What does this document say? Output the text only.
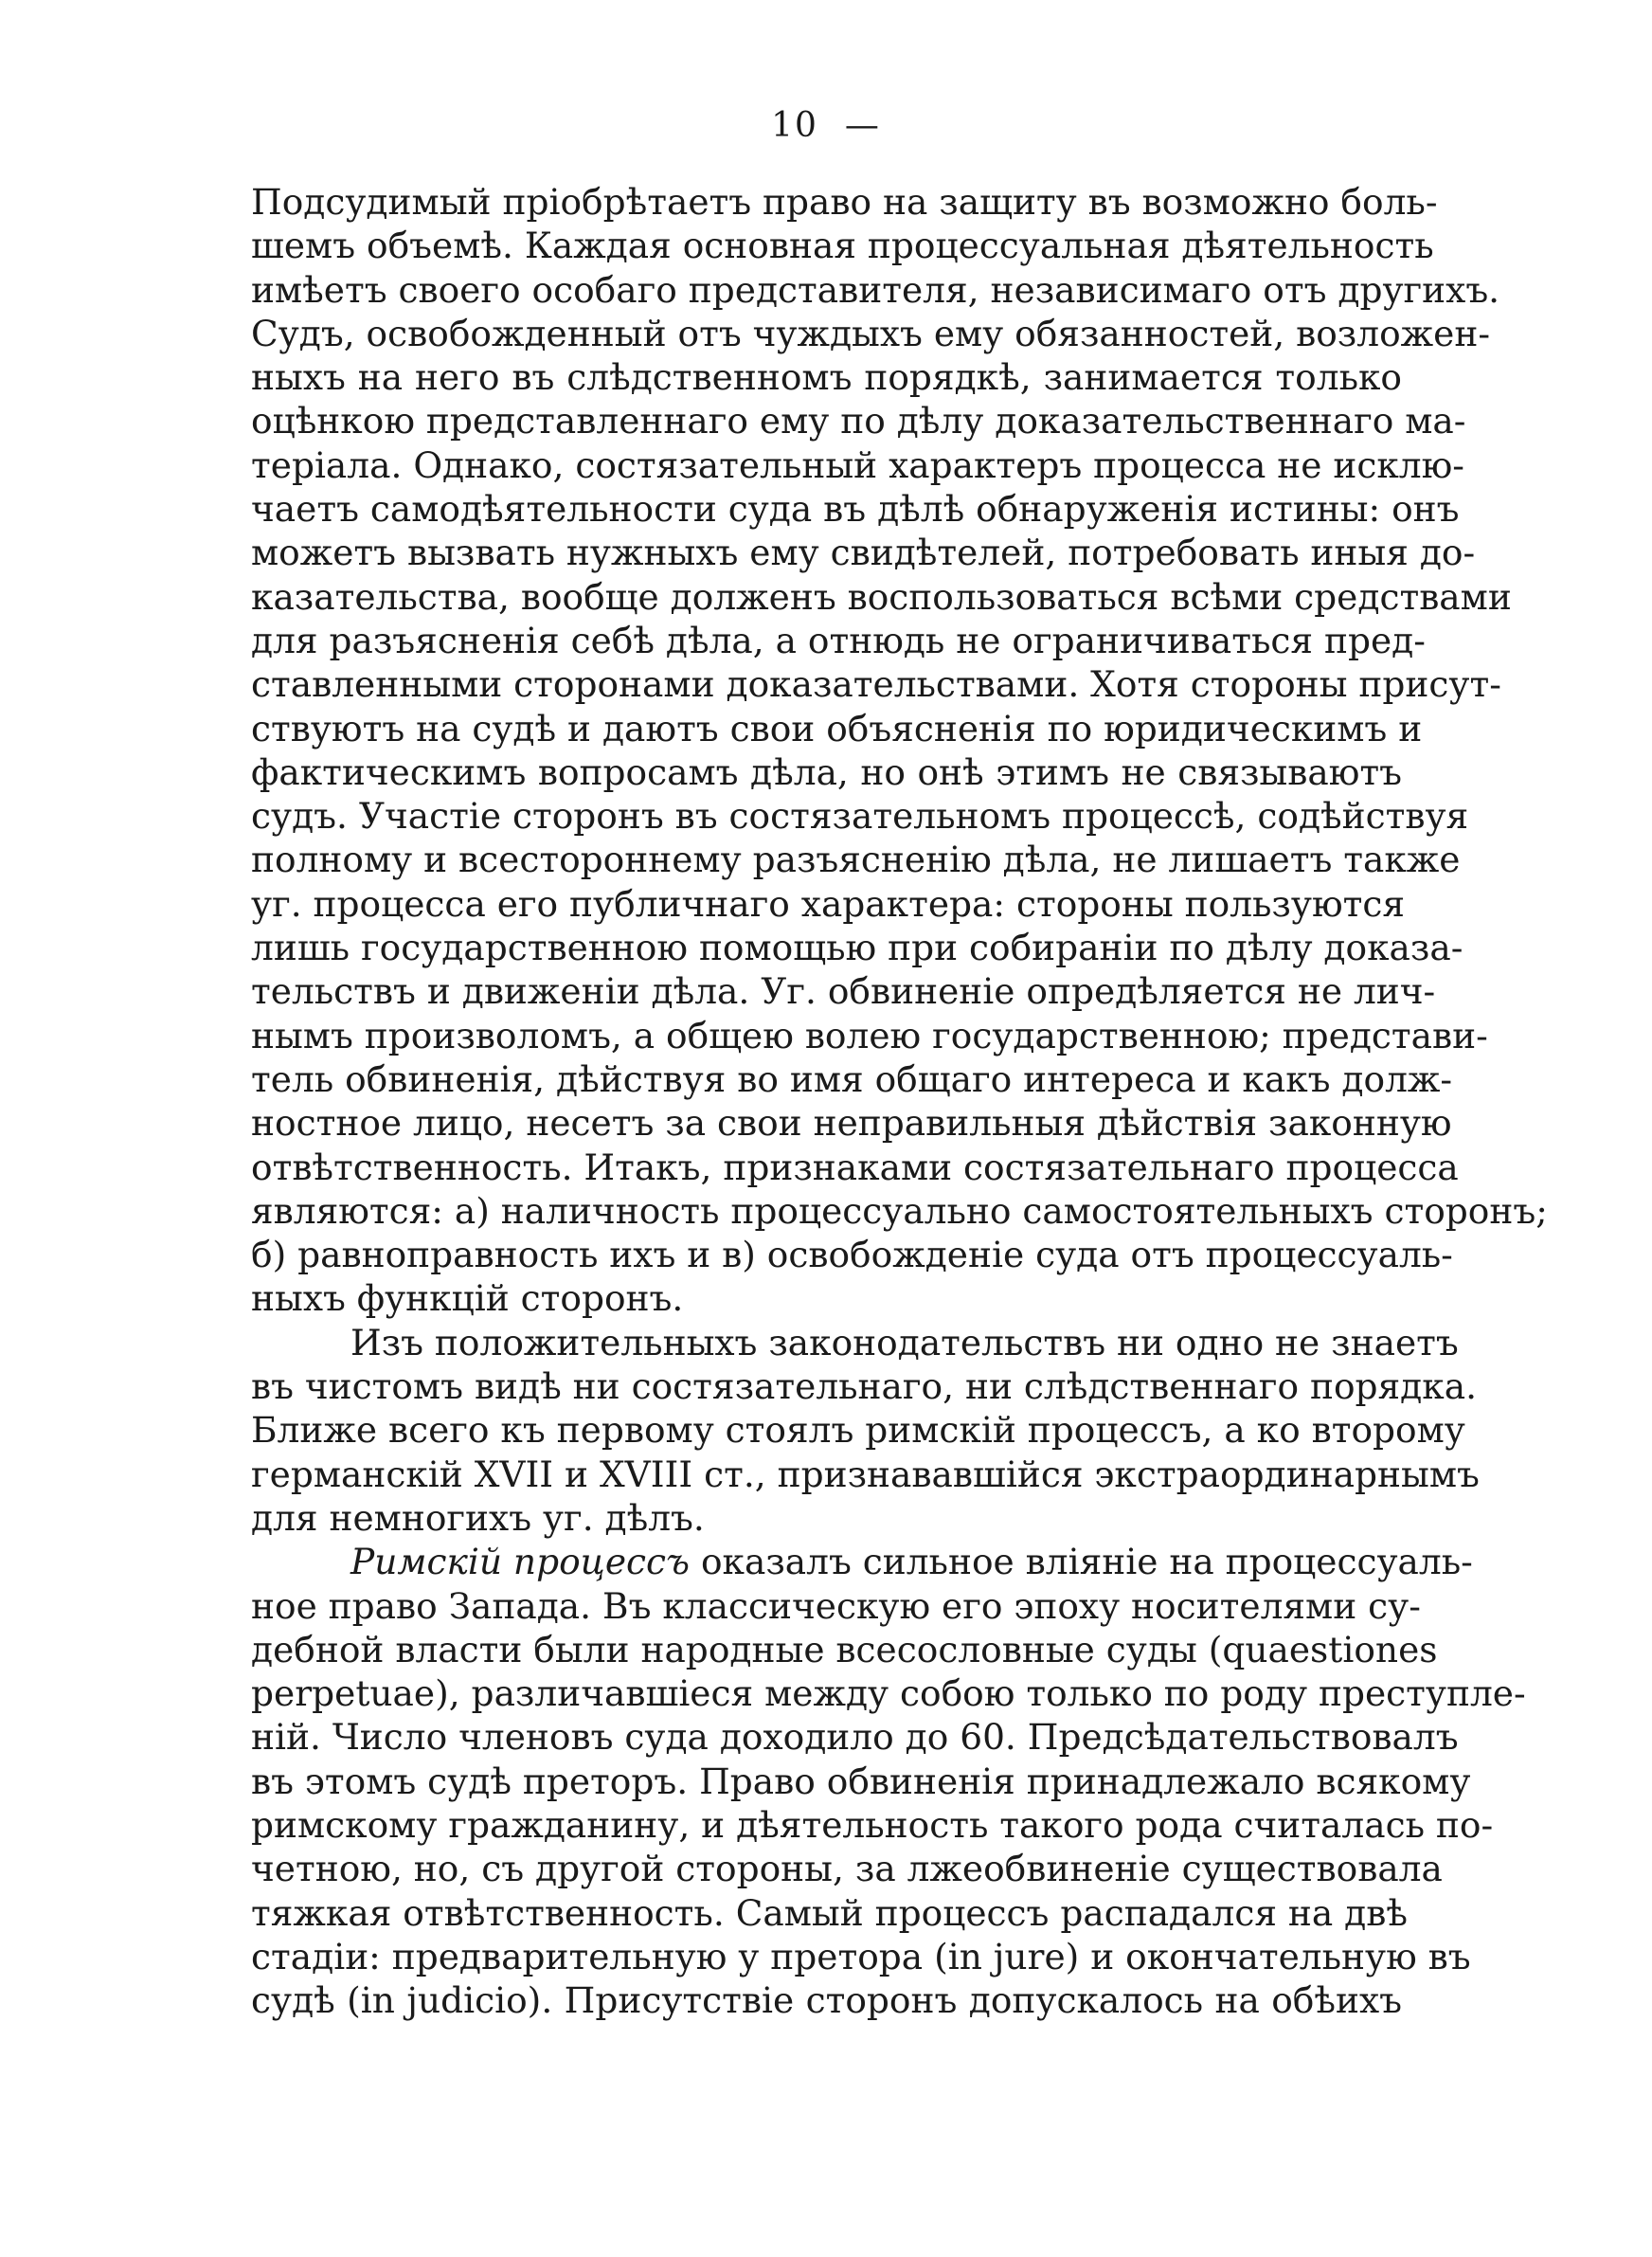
10 —
Подсудимый пріобрѣтаетъ право на защиту въ возможно боль-
шемъ объемѣ. Каждая основная процессуальная дѣятельность
имѣетъ своего особаго представителя, независимаго отъ другихъ.
Судъ, освобожденный отъ чуждыхъ ему обязанностей, возложен-
ныхъ на него въ слѣдственномъ порядкѣ, занимается только
оцѣнкою представленнаго ему по дѣлу доказательственнаго ма-
теріала. Однако, состязательный характеръ процесса не исклю-
чаетъ самодѣятельности суда въ дѣлѣ обнаруженія истины: онъ
можетъ вызвать нужныхъ ему свидѣтелей, потребовать иныя до-
казательства, вообще долженъ воспользоваться всѣми средствами
для разъясненія себѣ дѣла, а отнюдь не ограничиваться пред-
ставленными сторонами доказательствами. Хотя стороны присут-
ствуютъ на судѣ и даютъ свои объясненія по юридическимъ и
фактическимъ вопросамъ дѣла, но онѣ этимъ не связываютъ
судъ. Участіе сторонъ въ состязательномъ процессѣ, содѣйствуя
полному и всестороннему разъясненію дѣла, не лишаетъ также
уг. процесса его публичнаго характера: стороны пользуются
лишь государственною помощью при собираніи по дѣлу доказа-
тельствъ и движеніи дѣла. Уг. обвиненіе опредѣляется не лич-
нымъ произволомъ, а общею волею государственною; представи-
тель обвиненія, дѣйствуя во имя общаго интереса и какъ долж-
ностное лицо, несетъ за свои неправильныя дѣйствія законную
отвѣтственность. Итакъ, признаками состязательнаго процесса
являются: а) наличность процессуально самостоятельныхъ сторонъ;
б) равноправность ихъ и в) освобожденіе суда отъ процессуаль-
ныхъ функцій сторонъ.
Изъ положительныхъ законодательствъ ни одно не знаетъ
въ чистомъ видѣ ни состязательнаго, ни слѣдственнаго порядка.
Ближе всего къ первому стоялъ римскій процессъ, а ко второму
германскій XVII и XVIII ст., признававшійся экстраординарнымъ
для немногихъ уг. дѣлъ.
Римскій процессъ оказалъ сильное вліяніе на процессуаль-
ное право Запада. Въ классическую его эпоху носителями су-
дебной власти были народные всесословные суды (quaestiones
perpetuae), различавшіеся между собою только по роду преступле-
ній. Число членовъ суда доходило до 60. Предсѣдательствовалъ
въ этомъ судѣ преторъ. Право обвиненія принадлежало всякому
римскому гражданину, и дѣятельность такого рода считалась по-
четною, но, съ другой стороны, за лжеобвиненіе существовала
тяжкая отвѣтственность. Самый процессъ распадался на двѣ
стадіи: предварительную у претора (in jure) и окончательную въ
судѣ (in judicio). Присутствіе сторонъ допускалось на обѣихъ
